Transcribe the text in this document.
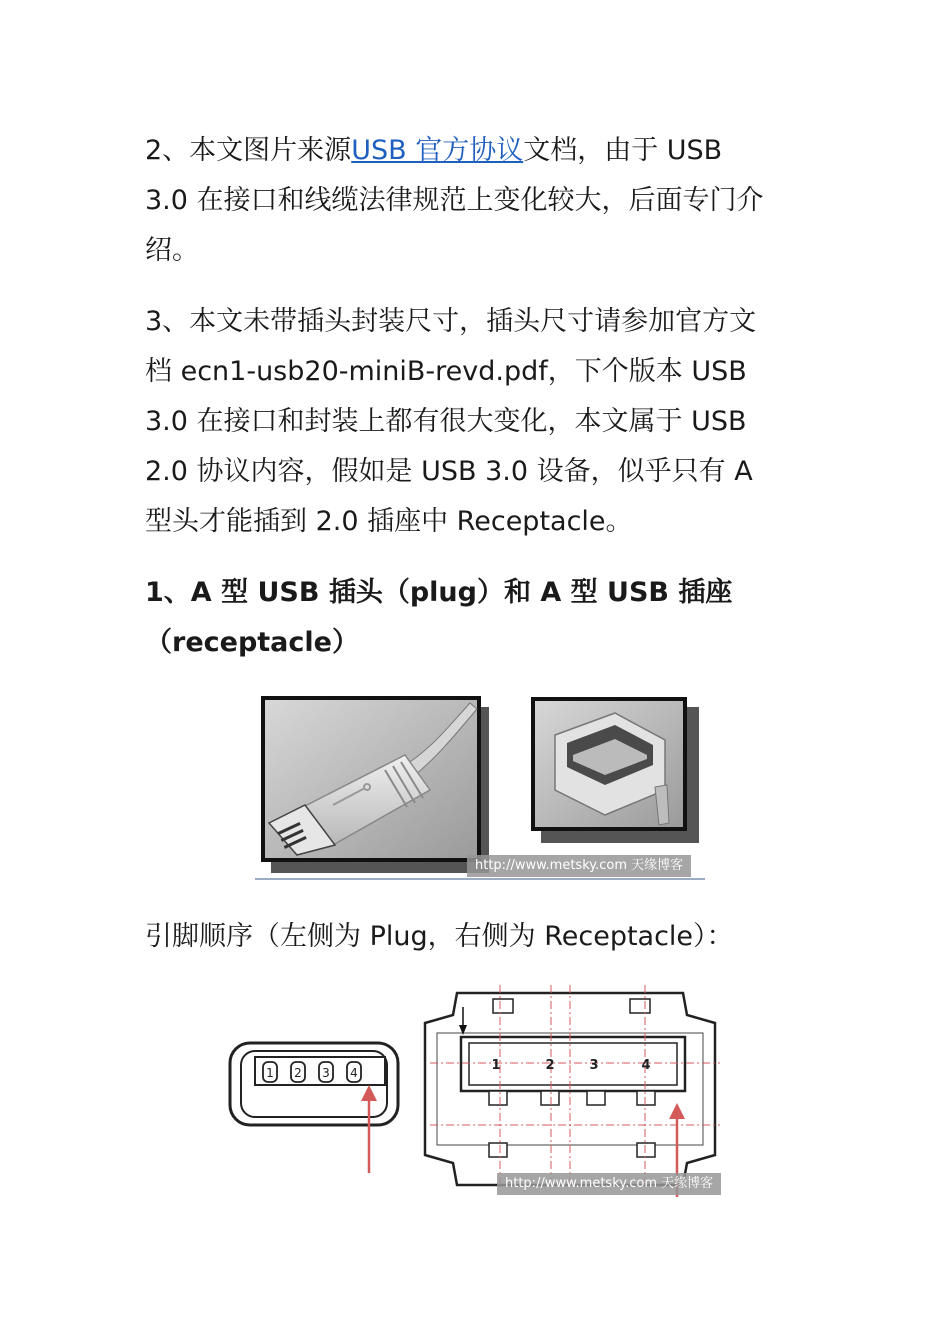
2、本文图片来源USB 官方协议文档，由于 USB
3.0 在接口和线缆法律规范上变化较大，后面专门介
绍。

3、本文未带插头封装尺寸，插头尺寸请参加官方文
档 ecn1-usb20-miniB-revd.pdf，下个版本 USB
3.0 在接口和封装上都有很大变化，本文属于 USB
2.0 协议内容，假如是 USB 3.0 设备，似乎只有 A
型头才能插到 2.0 插座中 Receptacle。

1、A 型 USB 插头（plug）和 A 型 USB 插座
（receptacle）
http://www.metsky.com 天缘博客

引脚顺序（左侧为 Plug，右侧为 Receptacle）：

1 2 3 4	1	2	3	4
http://www.metsky.com 天缘博客
